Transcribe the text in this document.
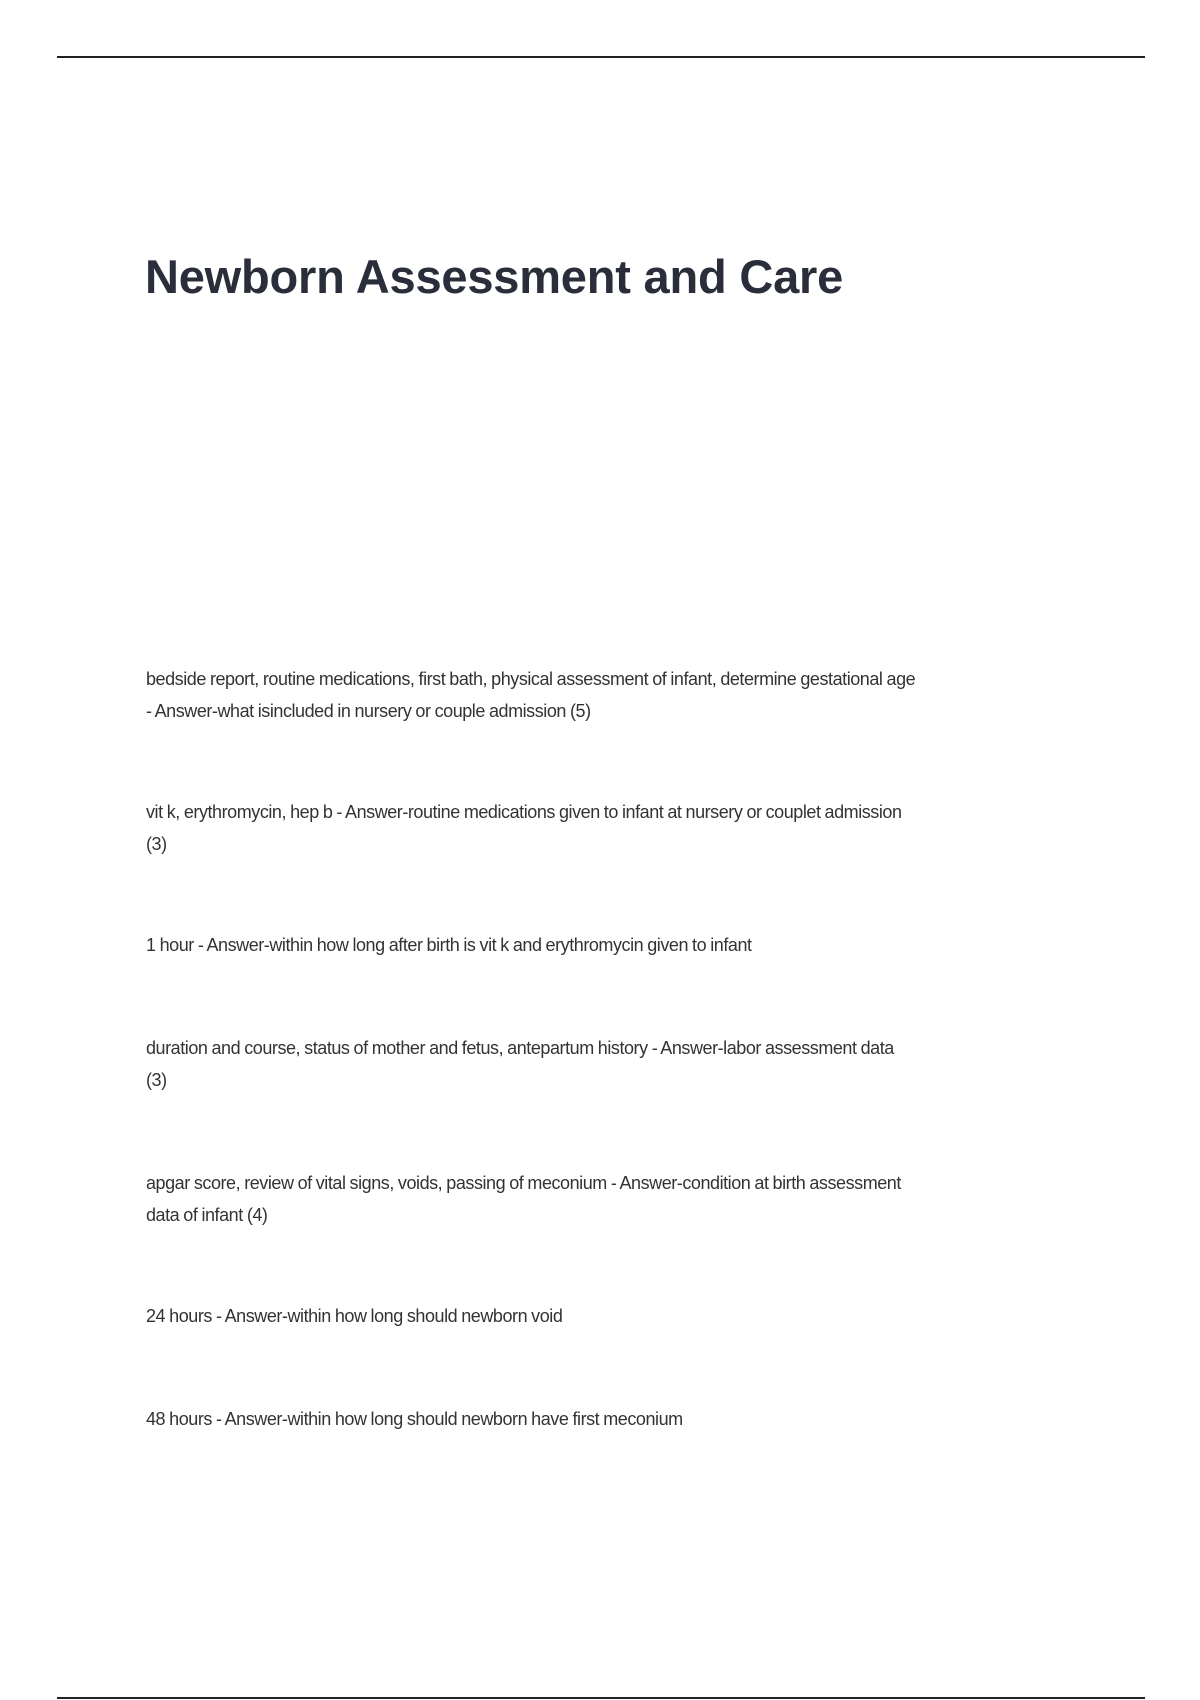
Newborn Assessment and Care

bedside report, routine medications, first bath, physical assessment of infant, determine gestational age
- Answer-what isincluded in nursery or couple admission (5)

vit k, erythromycin, hep b - Answer-routine medications given to infant at nursery or couplet admission
(3)

1 hour - Answer-within how long after birth is vit k and erythromycin given to infant

duration and course, status of mother and fetus, antepartum history - Answer-labor assessment data
(3)

apgar score, review of vital signs, voids, passing of meconium - Answer-condition at birth assessment
data of infant (4)

24 hours - Answer-within how long should newborn void

48 hours - Answer-within how long should newborn have first meconium
